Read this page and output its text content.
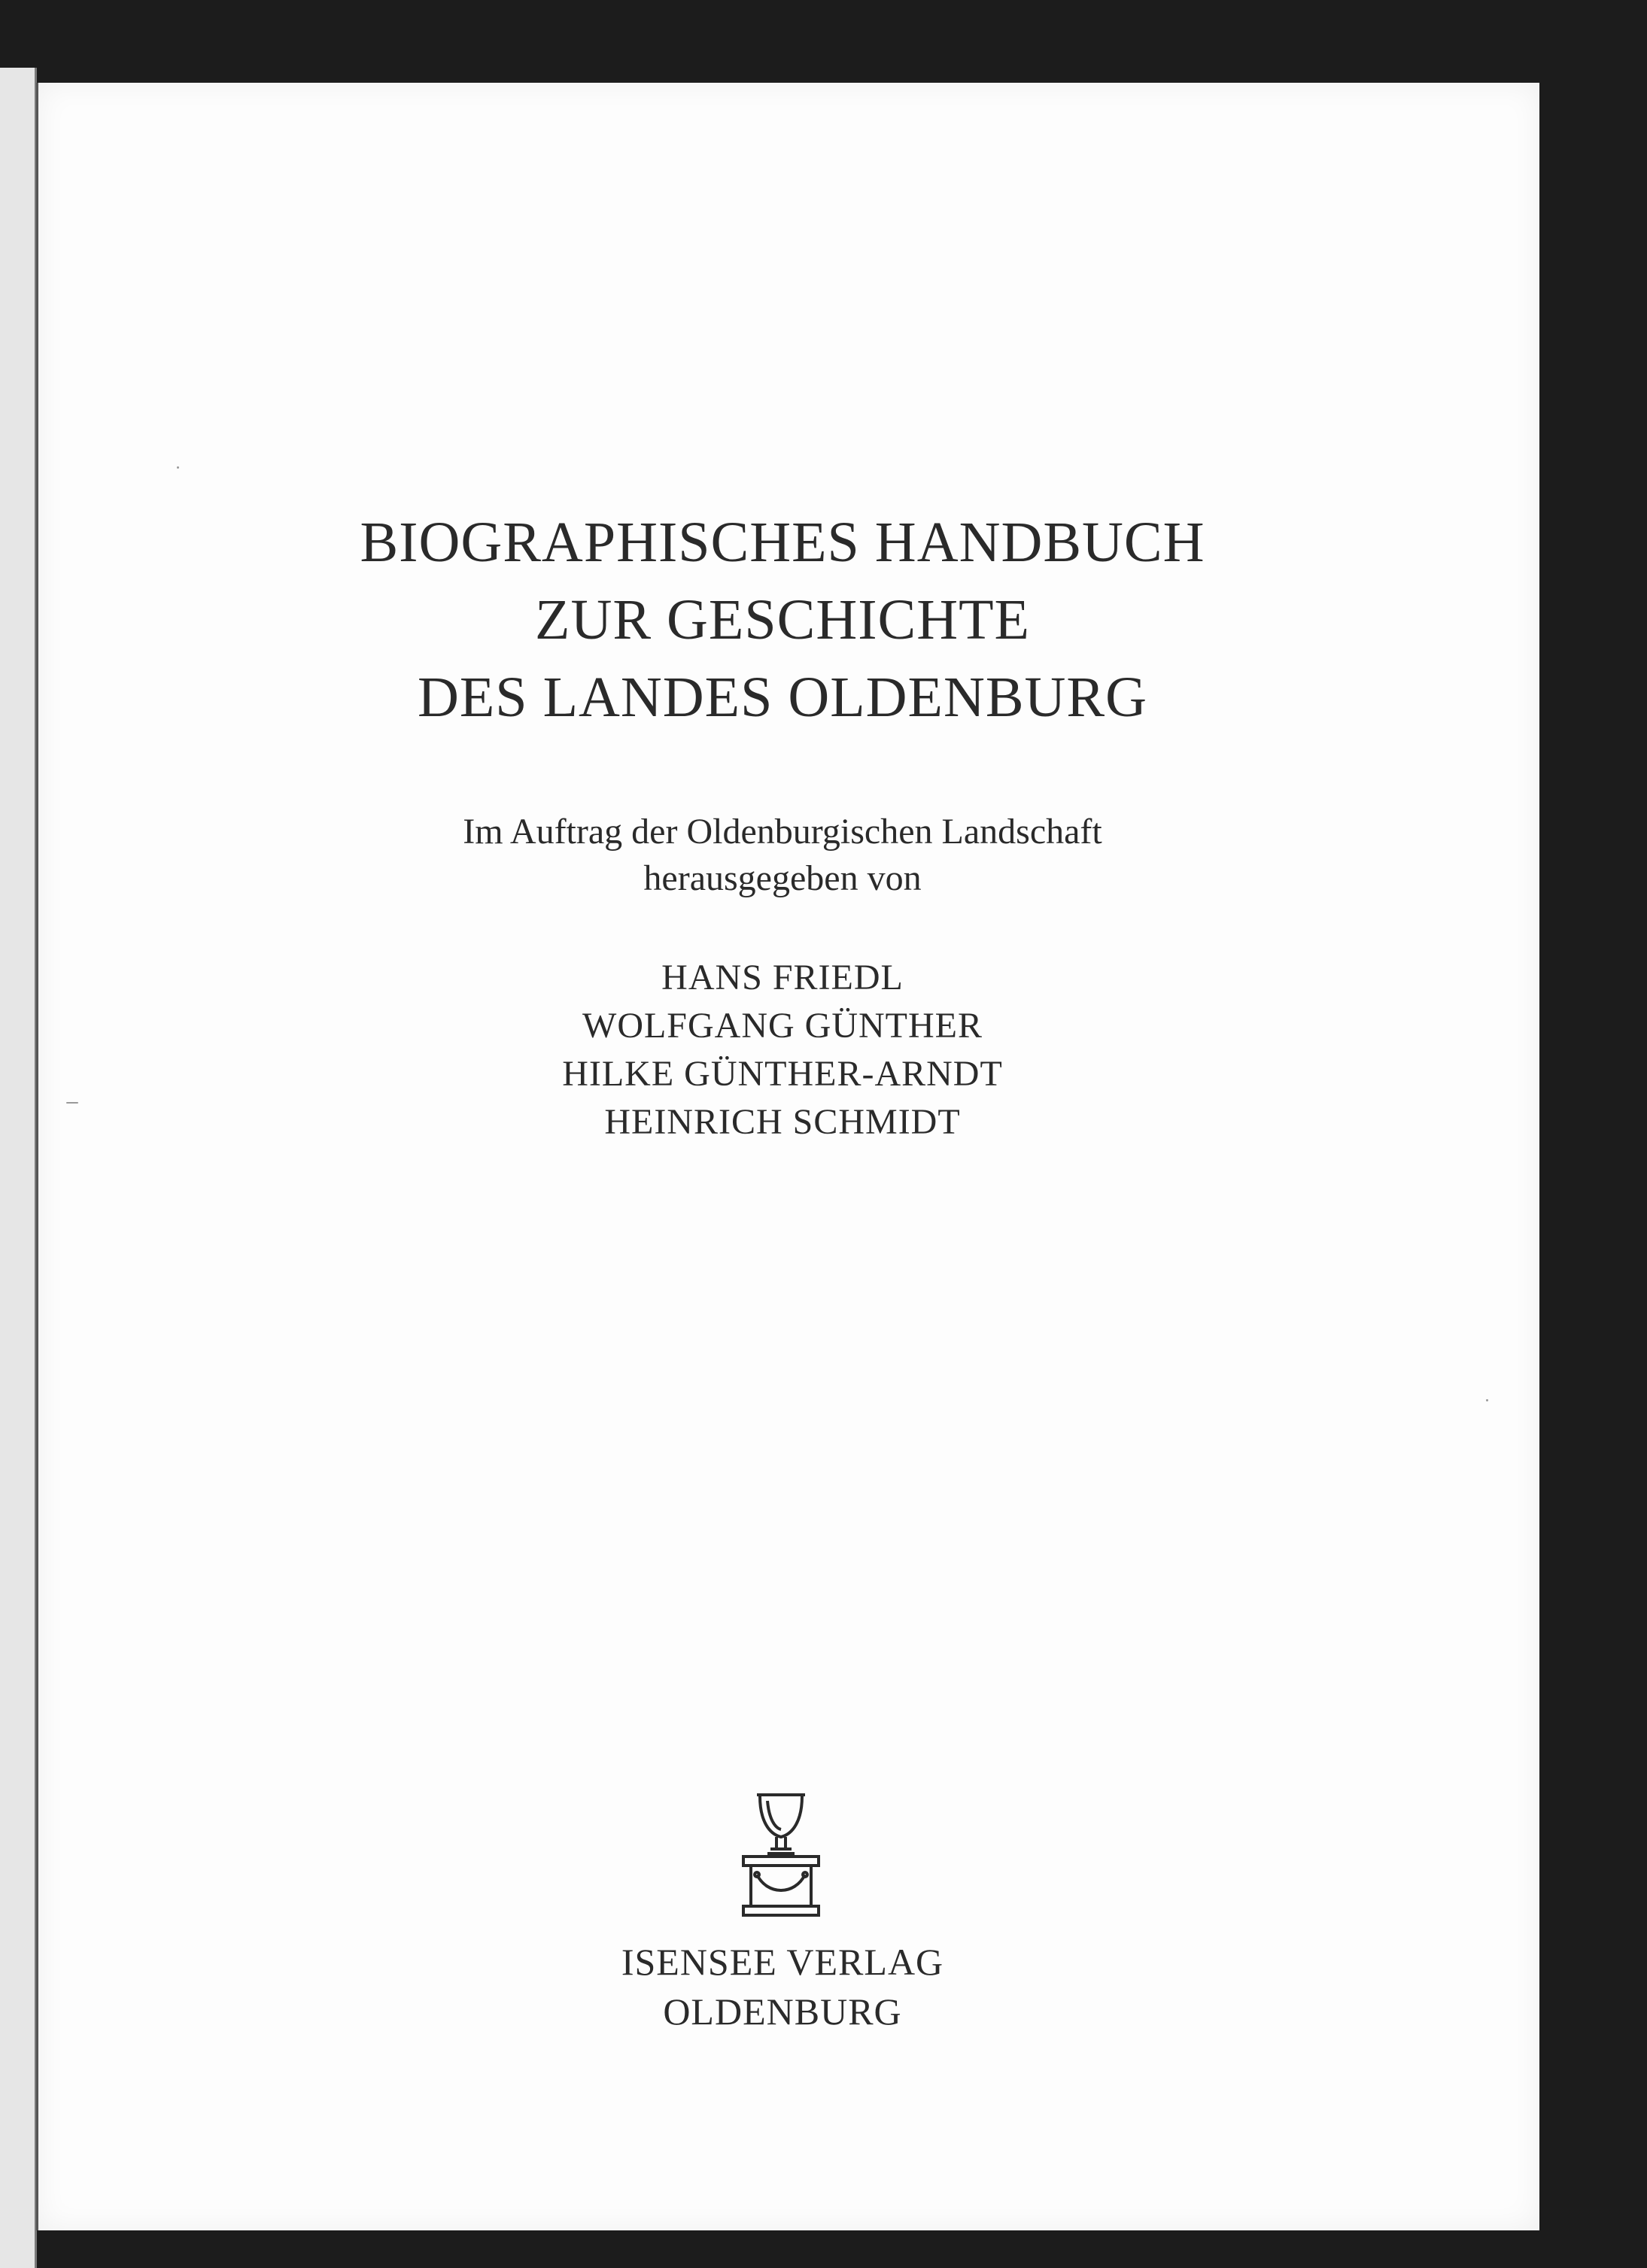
BIOGRAPHISCHES HANDBUCH
ZUR GESCHICHTE
DES LANDES OLDENBURG
Im Auftrag der Oldenburgischen Landschaft
herausgegeben von
HANS FRIEDL
WOLFGANG GÜNTHER
HILKE GÜNTHER-ARNDT
HEINRICH SCHMIDT
ISENSEE VERLAG
OLDENBURG
